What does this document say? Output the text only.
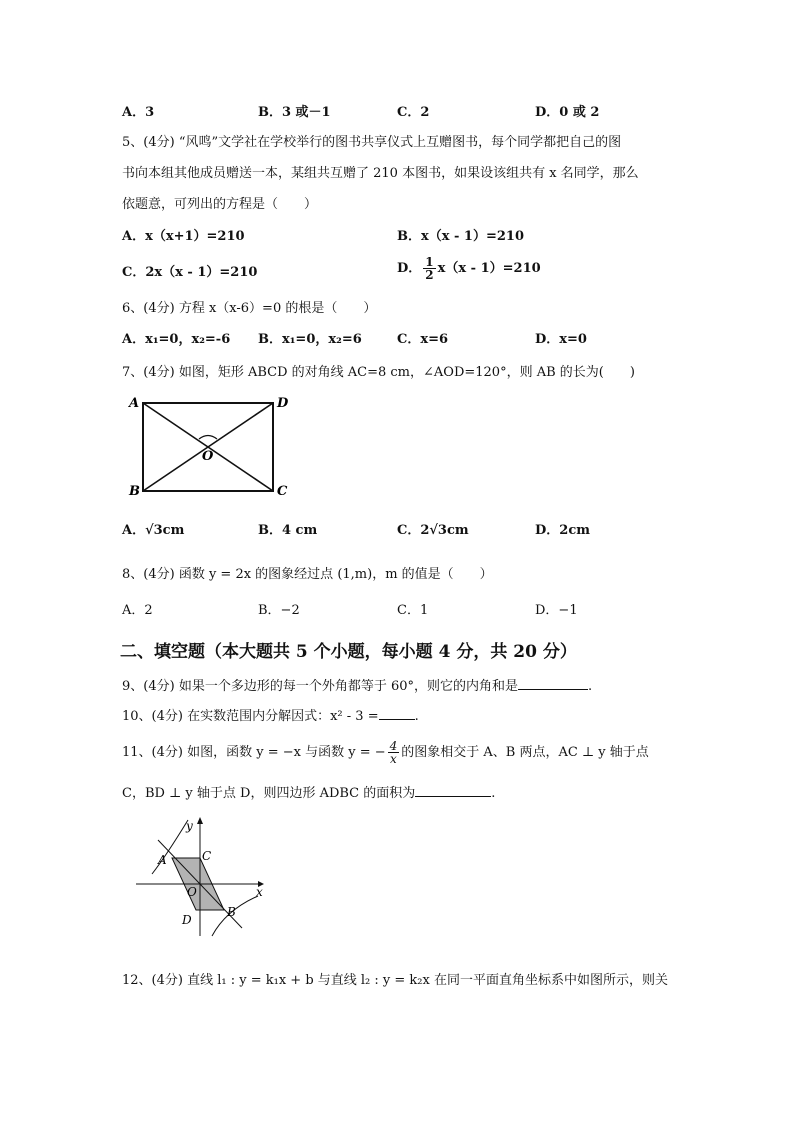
A．3	B．3 或－1	C．2	D．0 或 2
5、(4分) “风鸣”文学社在学校举行的图书共享仪式上互赠图书，每个同学都把自己的图
书向本组其他成员赠送一本，某组共互赠了 210 本图书，如果设该组共有 x 名同学，那么
依题意，可列出的方程是（　　）
A．x（x+1）=210	B．x（x - 1）=210
C．2x（x - 1）=210	D． $\frac{1}{2} x(x - 1)=210$
6、(4分) 方程 x（x-6）=0 的根是（　　）
A．x₁=0，x₂=-6 B．x₁=0，x₂=6	C．x=6	D．x=0
7、(4分) 如图，矩形 ABCD 的对角线 AC=8 cm，∠AOD=120°，则 AB 的长为(　　)
A	D
O
B	C
A．√3cm	B．4 cm	C．2√3cm	D．2cm
8、(4分) 函数 y = 2x 的图象经过点 (1,m)，m 的值是（　　）
A．2	B．−2	C．1	D．−1
二、填空题（本大题共 5 个小题，每小题 4 分，共 20 分）
9、(4分) 如果一个多边形的每一个外角都等于 60°，则它的内角和是	.
10、(4分) 在实数范围内分解因式：x² - 3 =	.
11、(4分) 如图，函数 y = −x 与函数 y = − $\frac{4}{x}$ 的图象相交于 A、B 两点，AC ⊥ y 轴于点
C，BD ⊥ y 轴于点 D，则四边形 ADBC 的面积为	.
y
x
A	C
O
D
B
12、(4分) 直线 l₁ : y = k₁x + b 与直线 l₂ : y = k₂x 在同一平面直角坐标系中如图所示，则关
